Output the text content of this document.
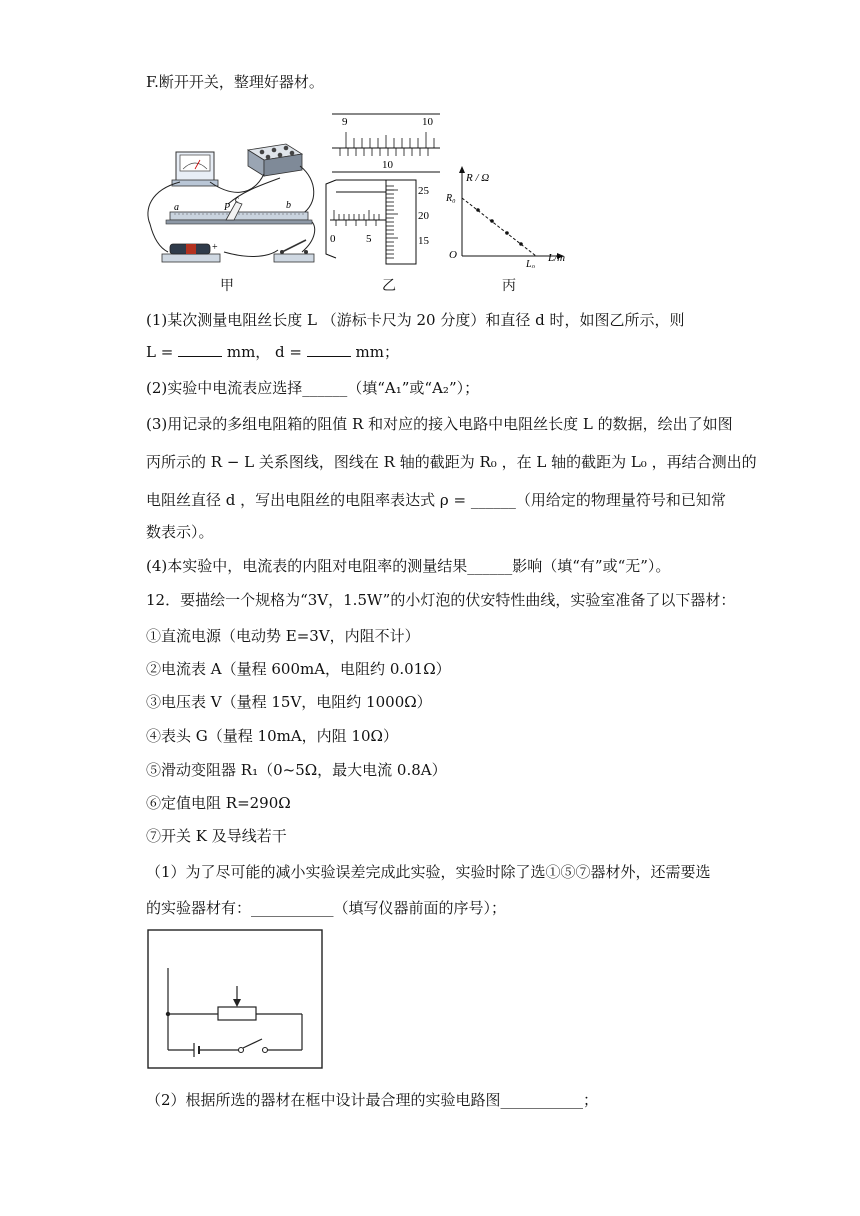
F.断开开关，整理好器材。
a	b
P
c
+
甲
9	10
10
0	5
25
20
15
乙
R / Ω
R₀
O
L₀
L/m
丙
(1)某次测量电阻丝长度 L （游标卡尺为 20 分度）和直径 d 时，如图乙所示，则
L =	mm， d =	mm；
(2)实验中电流表应选择______（填“A₁”或“A₂”）；
(3)用记录的多组电阻箱的阻值 R 和对应的接入电路中电阻丝长度 L 的数据，绘出了如图
丙所示的 R − L 关系图线，图线在 R 轴的截距为 R₀ ，在 L 轴的截距为 L₀ ，再结合测出的
电阻丝直径 d ，写出电阻丝的电阻率表达式 ρ = ______（用给定的物理量符号和已知常
数表示）。
(4)本实验中，电流表的内阻对电阻率的测量结果______影响（填“有”或“无”）。
12．要描绘一个规格为“3V，1.5W”的小灯泡的伏安特性曲线，实验室准备了以下器材：
①直流电源（电动势 E=3V，内阻不计）
②电流表 A（量程 600mA，电阻约 0.01Ω）
③电压表 V（量程 15V，电阻约 1000Ω）
④表头 G（量程 10mA，内阻 10Ω）
⑤滑动变阻器 R₁（0~5Ω，最大电流 0.8A）
⑥定值电阻 R=290Ω
⑦开关 K 及导线若干
（1）为了尽可能的减小实验误差完成此实验，实验时除了选①⑤⑦器材外，还需要选
的实验器材有：___________（填写仪器前面的序号）；
（2）根据所选的器材在框中设计最合理的实验电路图___________；
